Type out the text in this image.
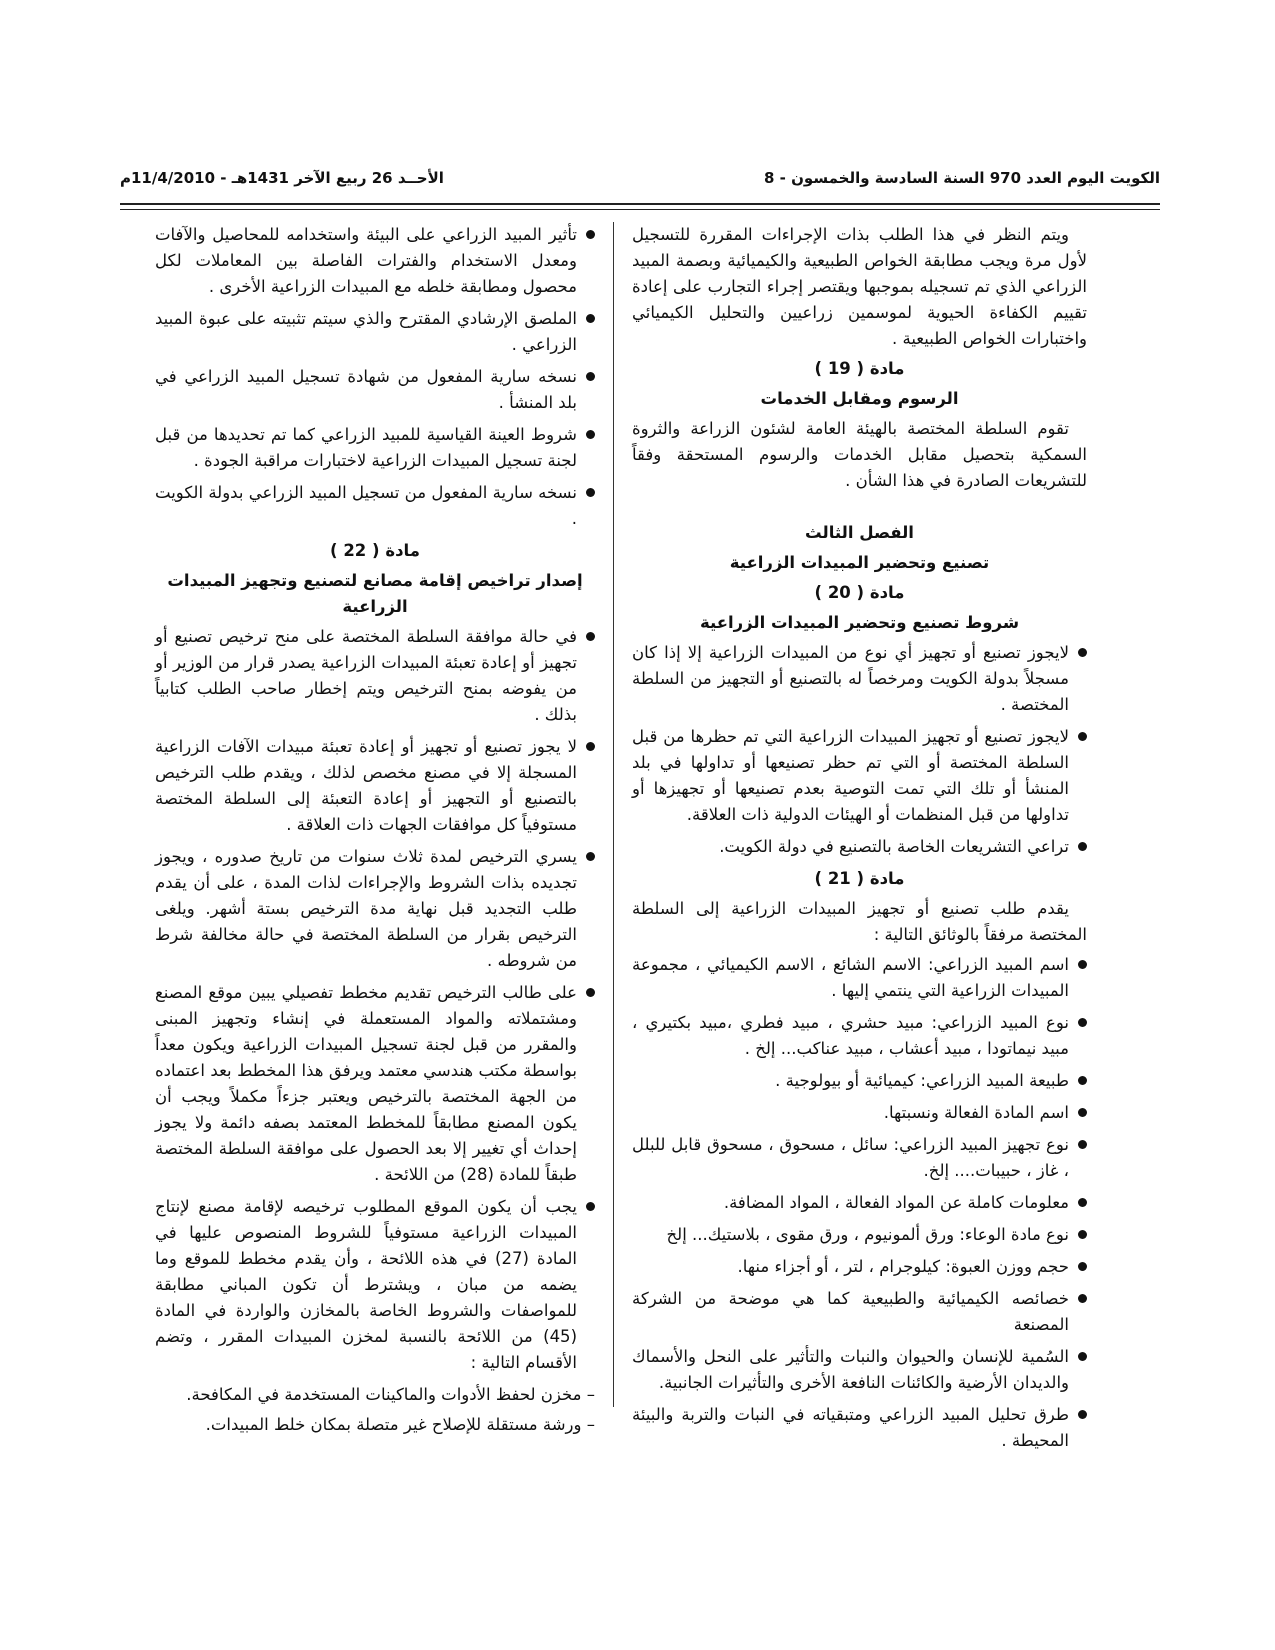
الكويت اليوم العدد 970 السنة السادسة والخمسون - 8
الأحــد 26 ربيع الآخر 1431هـ - 11/4/2010م

ويتم النظر في هذا الطلب بذات الإجراءات المقررة للتسجيل لأول مرة ويجب مطابقة الخواص الطبيعية والكيميائية وبصمة المبيد الزراعي الذي تم تسجيله بموجبها ويقتصر إجراء التجارب على إعادة تقييم الكفاءة الحيوية لموسمين زراعيين والتحليل الكيميائي واختبارات الخواص الطبيعية .

مادة ( 19 )

الرسوم ومقابل الخدمات

تقوم السلطة المختصة بالهيئة العامة لشئون الزراعة والثروة السمكية بتحصيل مقابل الخدمات والرسوم المستحقة وفقاً للتشريعات الصادرة في هذا الشأن .

الفصل الثالث

تصنيع وتحضير المبيدات الزراعية

مادة ( 20 )

شروط تصنيع وتحضير المبيدات الزراعية

لايجوز تصنيع أو تجهيز أي نوع من المبيدات الزراعية إلا إذا كان مسجلاً بدولة الكويت ومرخصاً له بالتصنيع أو التجهيز من السلطة المختصة .
لايجوز تصنيع أو تجهيز المبيدات الزراعية التي تم حظرها من قبل السلطة المختصة أو التي تم حظر تصنيعها أو تداولها في بلد المنشأ أو تلك التي تمت التوصية بعدم تصنيعها أو تجهيزها أو تداولها من قبل المنظمات أو الهيئات الدولية ذات العلاقة.
تراعي التشريعات الخاصة بالتصنيع في دولة الكويت.

مادة ( 21 )

يقدم طلب تصنيع أو تجهيز المبيدات الزراعية إلى السلطة المختصة مرفقاً بالوثائق التالية :

اسم المبيد الزراعي: الاسم الشائع ، الاسم الكيميائي ، مجموعة المبيدات الزراعية التي ينتمي إليها .
نوع المبيد الزراعي: مبيد حشري ، مبيد فطري ،مبيد بكتيري ، مبيد نيماتودا ، مبيد أعشاب ، مبيد عناكب... إلخ .
طبيعة المبيد الزراعي: كيميائية أو بيولوجية .
اسم المادة الفعالة ونسبتها.
نوع تجهيز المبيد الزراعي: سائل ، مسحوق ، مسحوق قابل للبلل ، غاز ، حبيبات.... إلخ.
معلومات كاملة عن المواد الفعالة ، المواد المضافة.
نوع مادة الوعاء: ورق ألمونيوم ، ورق مقوى ، بلاستيك... إلخ
حجم ووزن العبوة: كيلوجرام ، لتر ، أو أجزاء منها.
خصائصه الكيميائية والطبيعية كما هي موضحة من الشركة المصنعة
السُمية للإنسان والحيوان والنبات والتأثير على النحل والأسماك والديدان الأرضية والكائنات النافعة الأخرى والتأثيرات الجانبية.
طرق تحليل المبيد الزراعي ومتبقياته في النبات والتربة والبيئة المحيطة .
تأثير المبيد الزراعي على البيئة واستخدامه للمحاصيل والآفات ومعدل الاستخدام والفترات الفاصلة بين المعاملات لكل محصول ومطابقة خلطه مع المبيدات الزراعية الأخرى .
الملصق الإرشادي المقترح والذي سيتم تثبيته على عبوة المبيد الزراعي .
نسخه سارية المفعول من شهادة تسجيل المبيد الزراعي في بلد المنشأ .
شروط العينة القياسية للمبيد الزراعي كما تم تحديدها من قبل لجنة تسجيل المبيدات الزراعية لاختبارات مراقبة الجودة .
نسخه سارية المفعول من تسجيل المبيد الزراعي بدولة الكويت .

مادة ( 22 )

إصدار تراخيص إقامة مصانع لتصنيع وتجهيز المبيدات الزراعية

في حالة موافقة السلطة المختصة على منح ترخيص تصنيع أو تجهيز أو إعادة تعبئة المبيدات الزراعية يصدر قرار من الوزير أو من يفوضه بمنح الترخيص ويتم إخطار صاحب الطلب كتابياً بذلك .
لا يجوز تصنيع أو تجهيز أو إعادة تعبئة مبيدات الآفات الزراعية المسجلة إلا في مصنع مخصص لذلك ، ويقدم طلب الترخيص بالتصنيع أو التجهيز أو إعادة التعبئة إلى السلطة المختصة مستوفياً كل موافقات الجهات ذات العلاقة .
يسري الترخيص لمدة ثلاث سنوات من تاريخ صدوره ، ويجوز تجديده بذات الشروط والإجراءات لذات المدة ، على أن يقدم طلب التجديد قبل نهاية مدة الترخيص بستة أشهر. ويلغى الترخيص بقرار من السلطة المختصة في حالة مخالفة شرط من شروطه .
على طالب الترخيص تقديم مخطط تفصيلي يبين موقع المصنع ومشتملاته والمواد المستعملة في إنشاء وتجهيز المبنى والمقرر من قبل لجنة تسجيل المبيدات الزراعية ويكون معداً بواسطة مكتب هندسي معتمد ويرفق هذا المخطط بعد اعتماده من الجهة المختصة بالترخيص ويعتبر جزءاً مكملاً ويجب أن يكون المصنع مطابقاً للمخطط المعتمد بصفه دائمة ولا يجوز إحداث أي تغيير إلا بعد الحصول على موافقة السلطة المختصة طبقاً للمادة (28) من اللائحة .
يجب أن يكون الموقع المطلوب ترخيصه لإقامة مصنع لإنتاج المبيدات الزراعية مستوفياً للشروط المنصوص عليها في المادة (27) في هذه اللائحة ، وأن يقدم مخطط للموقع وما يضمه من مبان ، ويشترط أن تكون المباني مطابقة للمواصفات والشروط الخاصة بالمخازن والواردة في المادة (45) من اللائحة بالنسبة لمخزن المبيدات المقرر ، وتضم الأقسام التالية :

– مخزن لحفظ الأدوات والماكينات المستخدمة في المكافحة.

– ورشة مستقلة للإصلاح غير متصلة بمكان خلط المبيدات.
